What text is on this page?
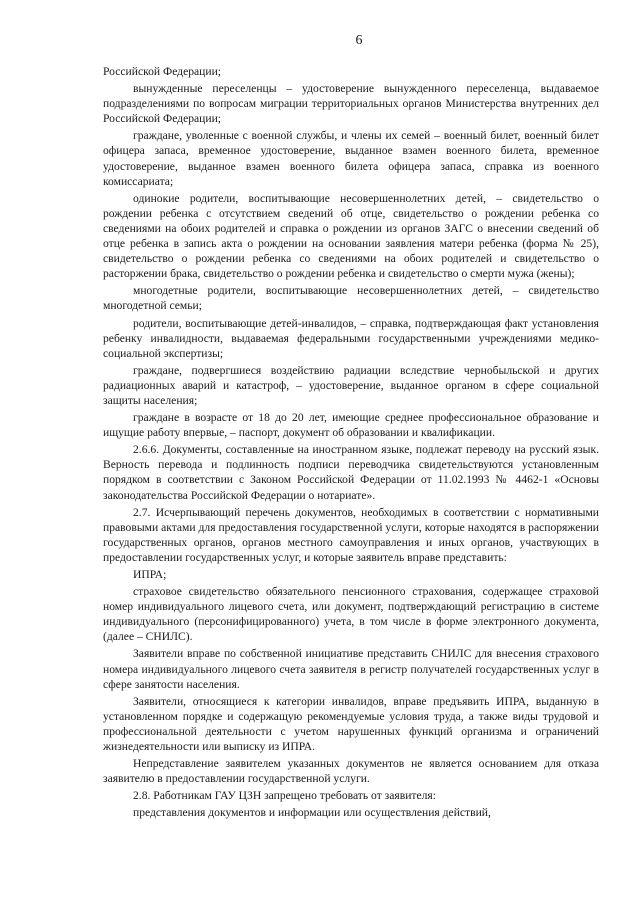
6

Российской Федерации;

вынужденные переселенцы – удостоверение вынужденного переселенца, выдаваемое подразделениями по вопросам миграции территориальных органов Министерства внутренних дел Российской Федерации;

граждане, уволенные с военной службы, и члены их семей – военный билет, военный билет офицера запаса, временное удостоверение, выданное взамен военного билета, временное удостоверение, выданное взамен военного билета офицера запаса, справка из военного комиссариата;

одинокие родители, воспитывающие несовершеннолетних детей, – свидетельство о рождении ребенка с отсутствием сведений об отце, свидетельство о рождении ребенка со сведениями на обоих родителей и справка о рождении из органов ЗАГС о внесении сведений об отце ребенка в запись акта о рождении на основании заявления матери ребенка (форма № 25), свидетельство о рождении ребенка со сведениями на обоих родителей и свидетельство о расторжении брака, свидетельство о рождении ребенка и свидетельство о смерти мужа (жены);

многодетные родители, воспитывающие несовершеннолетних детей, – свидетельство многодетной семьи;

родители, воспитывающие детей-инвалидов, – справка, подтверждающая факт установления ребенку инвалидности, выдаваемая федеральными государственными учреждениями медико-социальной экспертизы;

граждане, подвергшиеся воздействию радиации вследствие чернобыльской и других радиационных аварий и катастроф, – удостоверение, выданное органом в сфере социальной защиты населения;

граждане в возрасте от 18 до 20 лет, имеющие среднее профессиональное образование и ищущие работу впервые, – паспорт, документ об образовании и квалификации.

2.6.6. Документы, составленные на иностранном языке, подлежат переводу на русский язык. Верность перевода и подлинность подписи переводчика свидетельствуются установленным порядком в соответствии с Законом Российской Федерации от 11.02.1993 № 4462-1 «Основы законодательства Российской Федерации о нотариате».

2.7. Исчерпывающий перечень документов, необходимых в соответствии с нормативными правовыми актами для предоставления государственной услуги, которые находятся в распоряжении государственных органов, органов местного самоуправления и иных органов, участвующих в предоставлении государственных услуг, и которые заявитель вправе представить:

ИПРА;

страховое свидетельство обязательного пенсионного страхования, содержащее страховой номер индивидуального лицевого счета, или документ, подтверждающий регистрацию в системе индивидуального (персонифицированного) учета, в том числе в форме электронного документа, (далее – СНИЛС).

Заявители вправе по собственной инициативе представить СНИЛС для внесения страхового номера индивидуального лицевого счета заявителя в регистр получателей государственных услуг в сфере занятости населения.

Заявители, относящиеся к категории инвалидов, вправе предъявить ИПРА, выданную в установленном порядке и содержащую рекомендуемые условия труда, а также виды трудовой и профессиональной деятельности с учетом нарушенных функций организма и ограничений жизнедеятельности или выписку из ИПРА.

Непредставление заявителем указанных документов не является основанием для отказа заявителю в предоставлении государственной услуги.

2.8. Работникам ГАУ ЦЗН запрещено требовать от заявителя:

представления документов и информации или осуществления действий,
